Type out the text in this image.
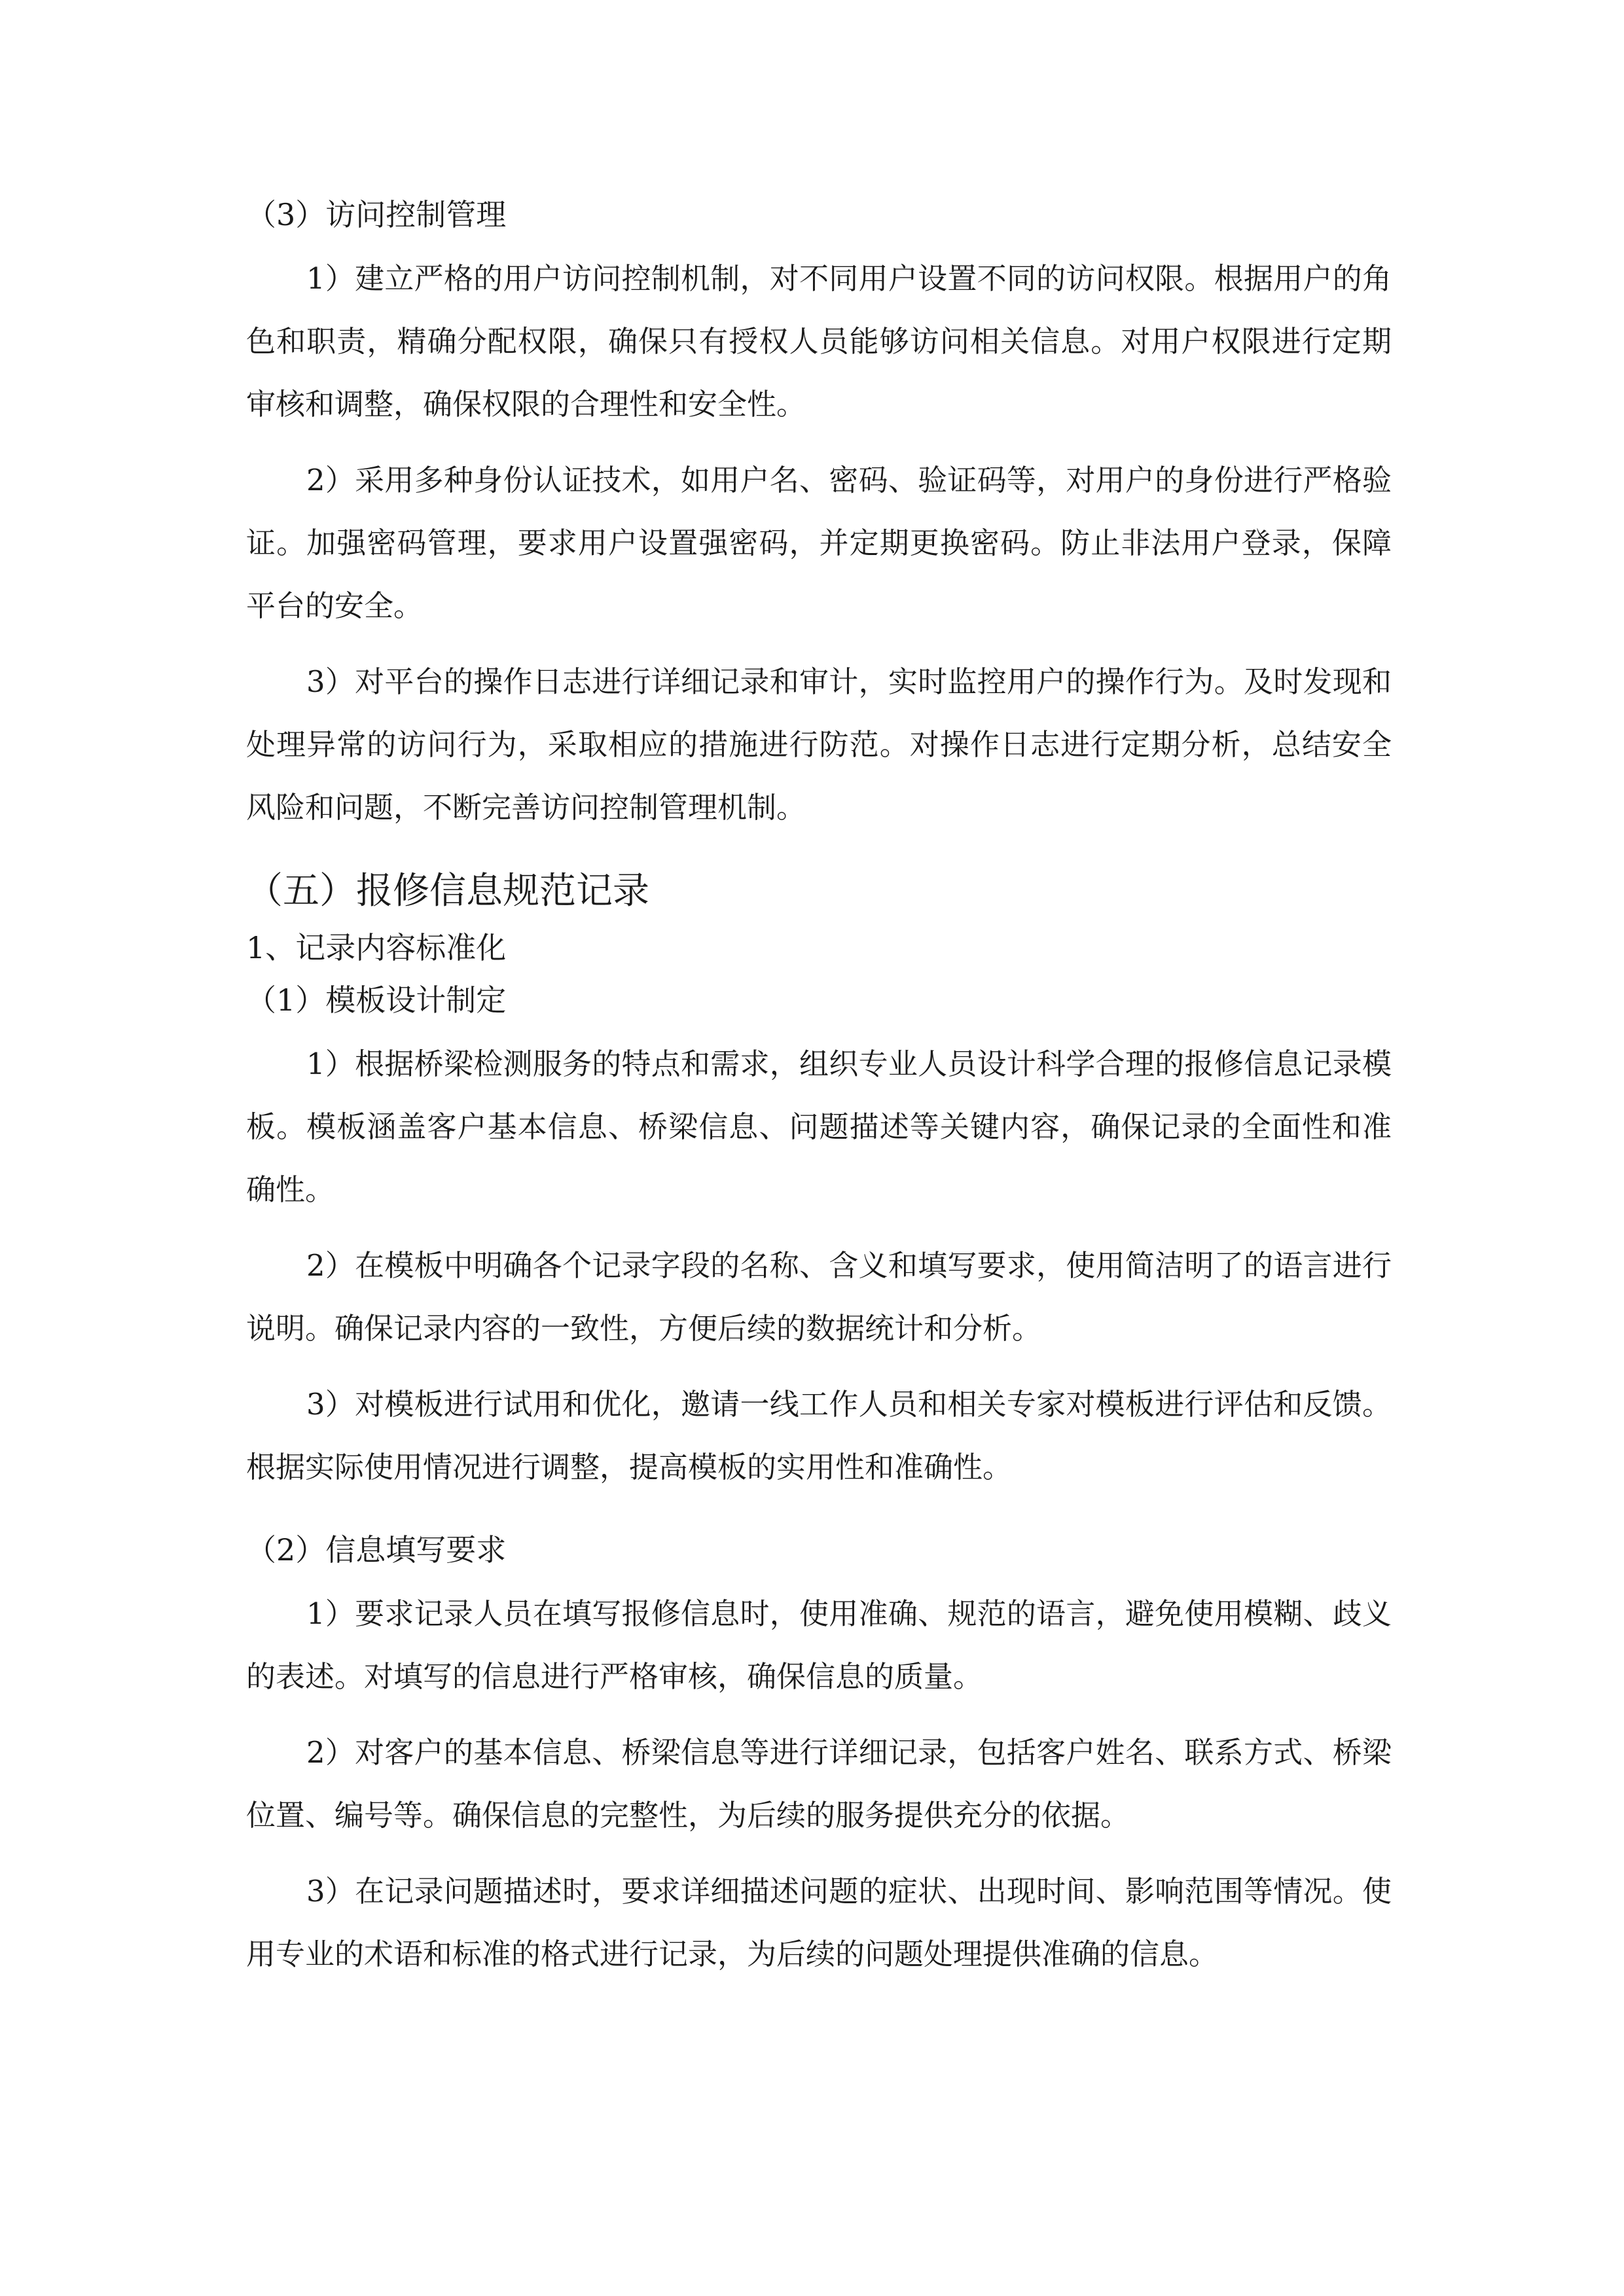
（3）访问控制管理

1）建立严格的用户访问控制机制，对不同用户设置不同的访问权限。根据用户的角色和职责，精确分配权限，确保只有授权人员能够访问相关信息。对用户权限进行定期审核和调整，确保权限的合理性和安全性。

2）采用多种身份认证技术，如用户名、密码、验证码等，对用户的身份进行严格验证。加强密码管理，要求用户设置强密码，并定期更换密码。防止非法用户登录，保障平台的安全。

3）对平台的操作日志进行详细记录和审计，实时监控用户的操作行为。及时发现和处理异常的访问行为，采取相应的措施进行防范。对操作日志进行定期分析，总结安全风险和问题，不断完善访问控制管理机制。

（五）报修信息规范记录
1、记录内容标准化
（1）模板设计制定

1）根据桥梁检测服务的特点和需求，组织专业人员设计科学合理的报修信息记录模板。模板涵盖客户基本信息、桥梁信息、问题描述等关键内容，确保记录的全面性和准确性。

2）在模板中明确各个记录字段的名称、含义和填写要求，使用简洁明了的语言进行说明。确保记录内容的一致性，方便后续的数据统计和分析。

3）对模板进行试用和优化，邀请一线工作人员和相关专家对模板进行评估和反馈。根据实际使用情况进行调整，提高模板的实用性和准确性。

（2）信息填写要求

1）要求记录人员在填写报修信息时，使用准确、规范的语言，避免使用模糊、歧义的表述。对填写的信息进行严格审核，确保信息的质量。

2）对客户的基本信息、桥梁信息等进行详细记录，包括客户姓名、联系方式、桥梁位置、编号等。确保信息的完整性，为后续的服务提供充分的依据。

3）在记录问题描述时，要求详细描述问题的症状、出现时间、影响范围等情况。使用专业的术语和标准的格式进行记录，为后续的问题处理提供准确的信息。
